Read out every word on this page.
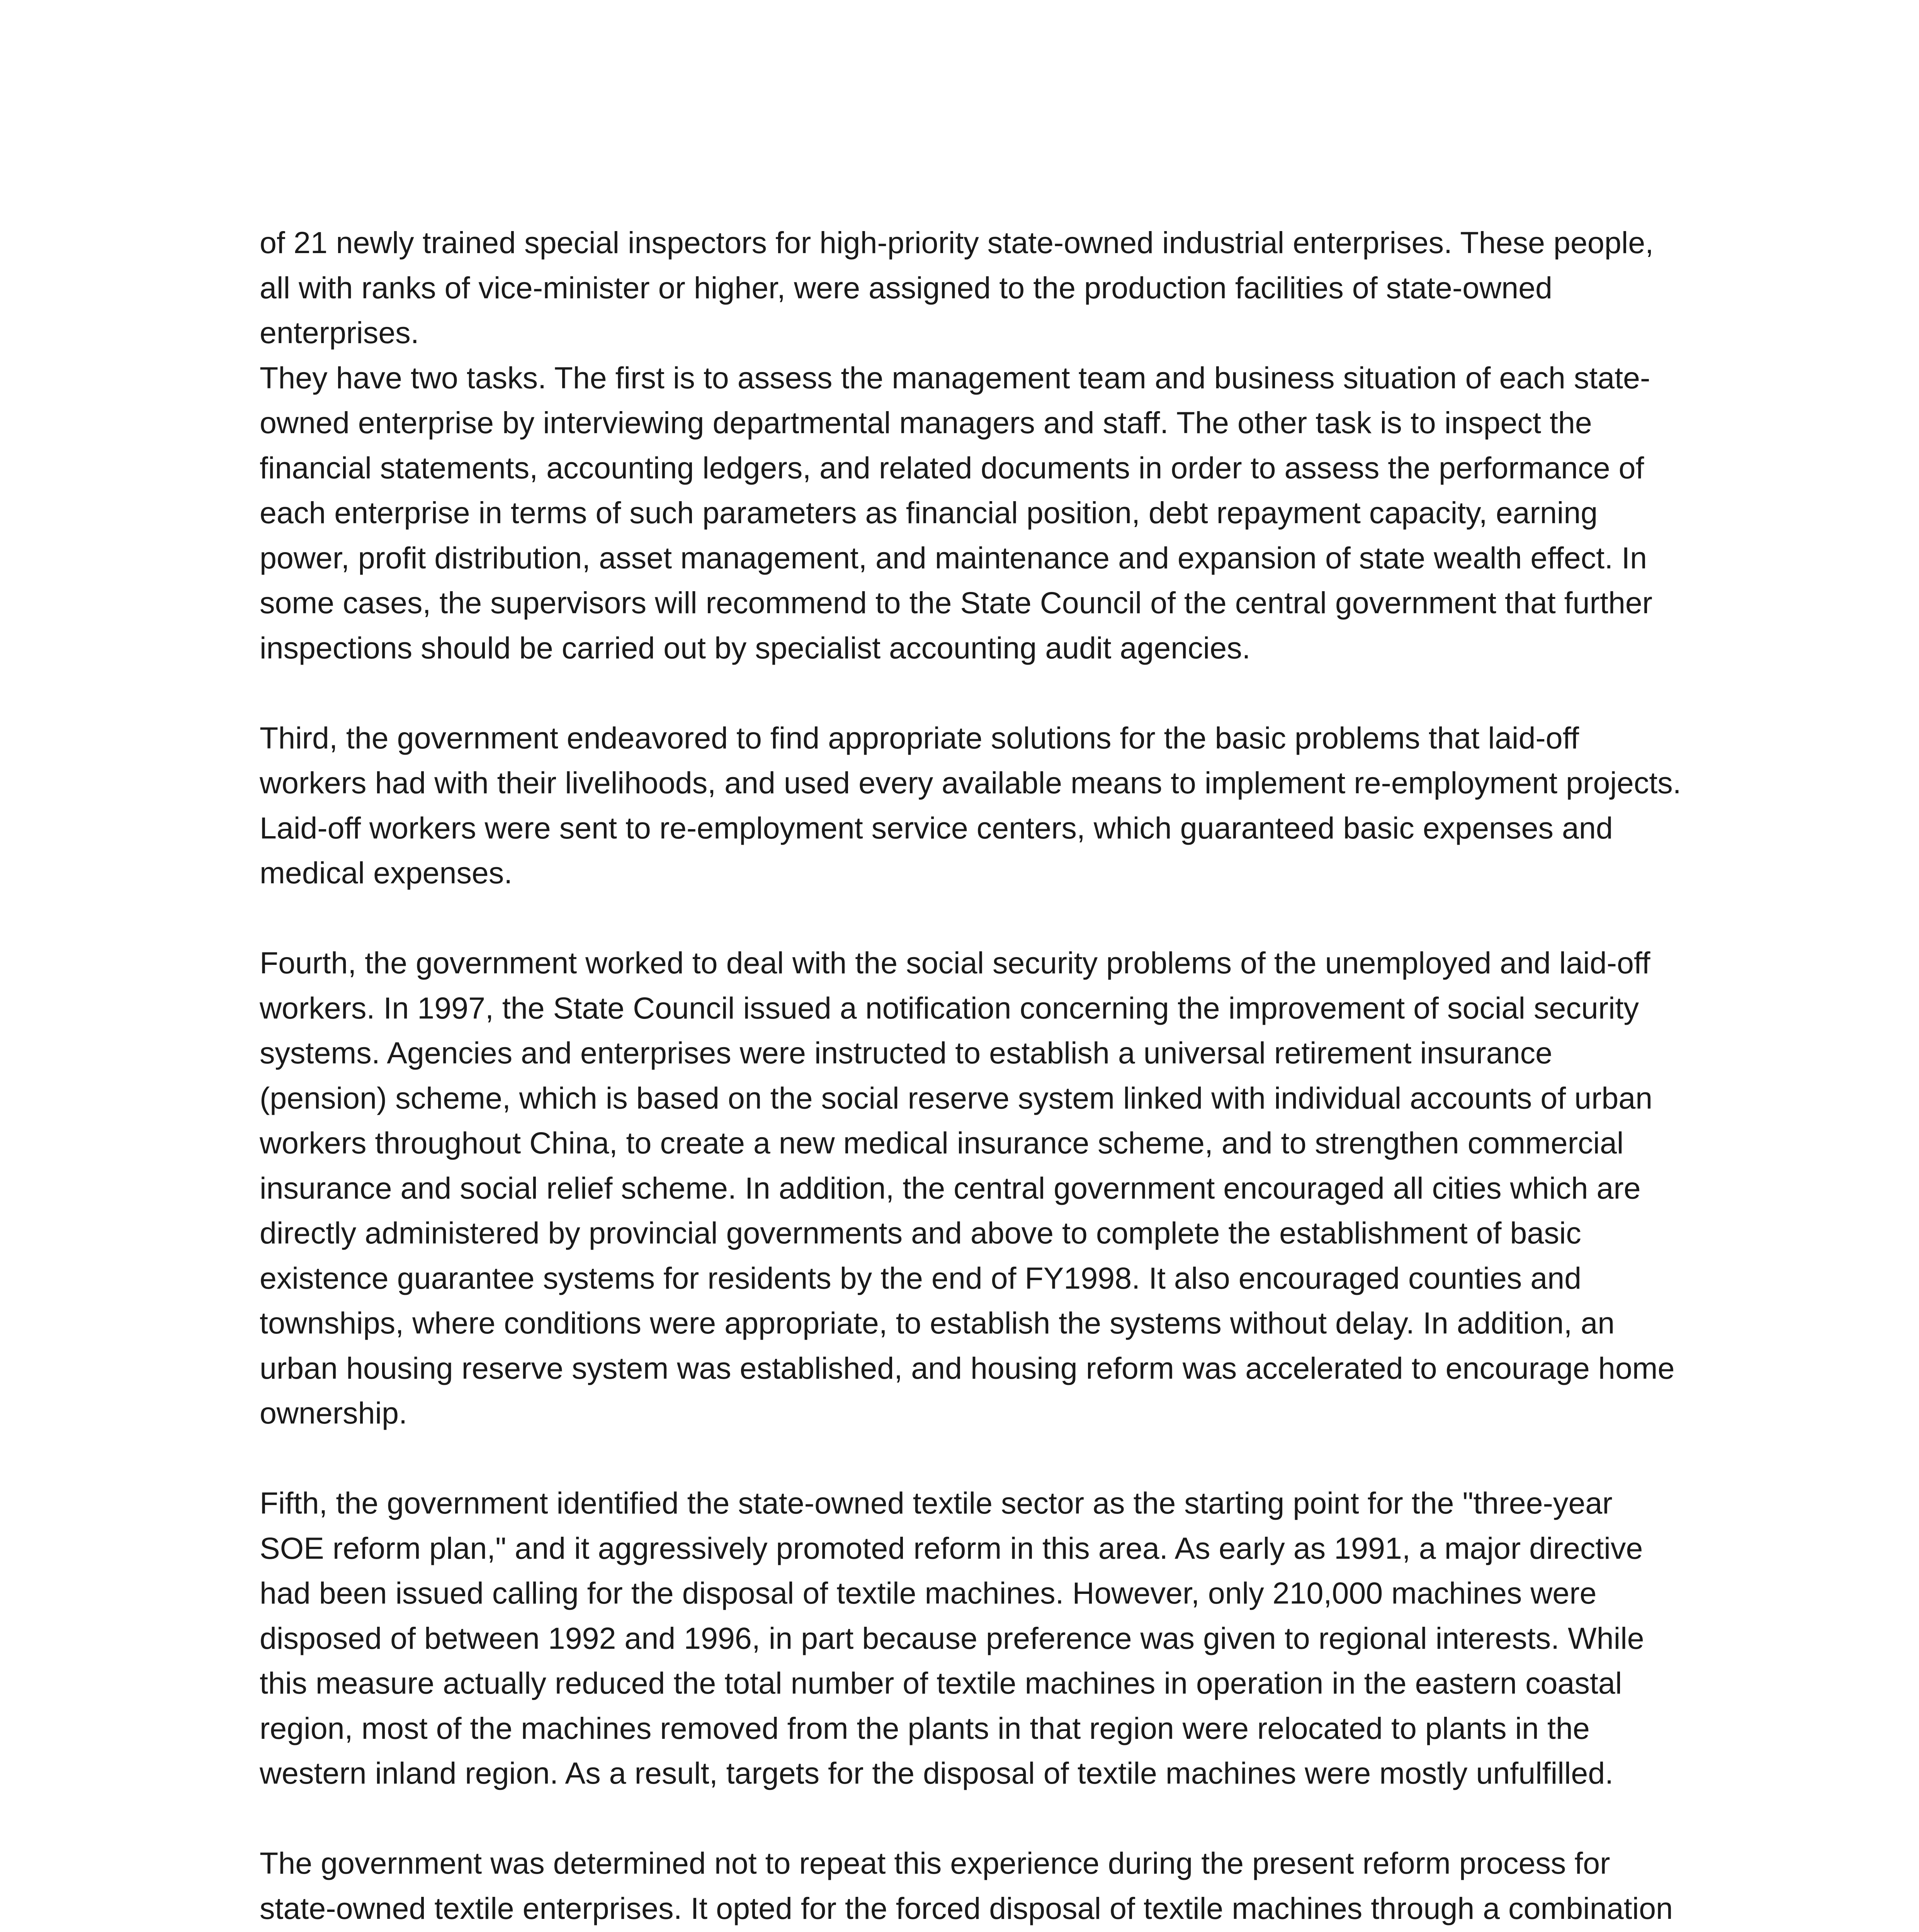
of 21 newly trained special inspectors for high-priority state-owned industrial enterprises. These people, all with ranks of vice-minister or higher, were assigned to the production facilities of state-owned enterprises.

They have two tasks. The first is to assess the management team and business situation of each state-owned enterprise by interviewing departmental managers and staff. The other task is to inspect the financial statements, accounting ledgers, and related documents in order to assess the performance of each enterprise in terms of such parameters as financial position, debt repayment capacity, earning power, profit distribution, asset management, and maintenance and expansion of state wealth effect. In some cases, the supervisors will recommend to the State Council of the central government that further inspections should be carried out by specialist accounting audit agencies.

Third, the government endeavored to find appropriate solutions for the basic problems that laid-off workers had with their livelihoods, and used every available means to implement re-employment projects. Laid-off workers were sent to re-employment service centers, which guaranteed basic expenses and medical expenses.

Fourth, the government worked to deal with the social security problems of the unemployed and laid-off workers. In 1997, the State Council issued a notification concerning the improvement of social security systems. Agencies and enterprises were instructed to establish a universal retirement insurance (pension) scheme, which is based on the social reserve system linked with individual accounts of urban workers throughout China, to create a new medical insurance scheme, and to strengthen commercial insurance and social relief scheme. In addition, the central government encouraged all cities which are directly administered by provincial governments and above to complete the establishment of basic existence guarantee systems for residents by the end of FY1998. It also encouraged counties and townships, where conditions were appropriate, to establish the systems without delay. In addition, an urban housing reserve system was established, and housing reform was accelerated to encourage home ownership.

Fifth, the government identified the state-owned textile sector as the starting point for the "three-year SOE reform plan," and it aggressively promoted reform in this area. As early as 1991, a major directive had been issued calling for the disposal of textile machines. However, only 210,000 machines were disposed of between 1992 and 1996, in part because preference was given to regional interests. While this measure actually reduced the total number of textile machines in operation in the eastern coastal region, most of the machines removed from the plants in that region were relocated to plants in the western inland region. As a result, targets for the disposal of textile machines were mostly unfulfilled.

The government was determined not to repeat this experience during the present reform process for state-owned textile enterprises. It opted for the forced disposal of textile machines through a combination
